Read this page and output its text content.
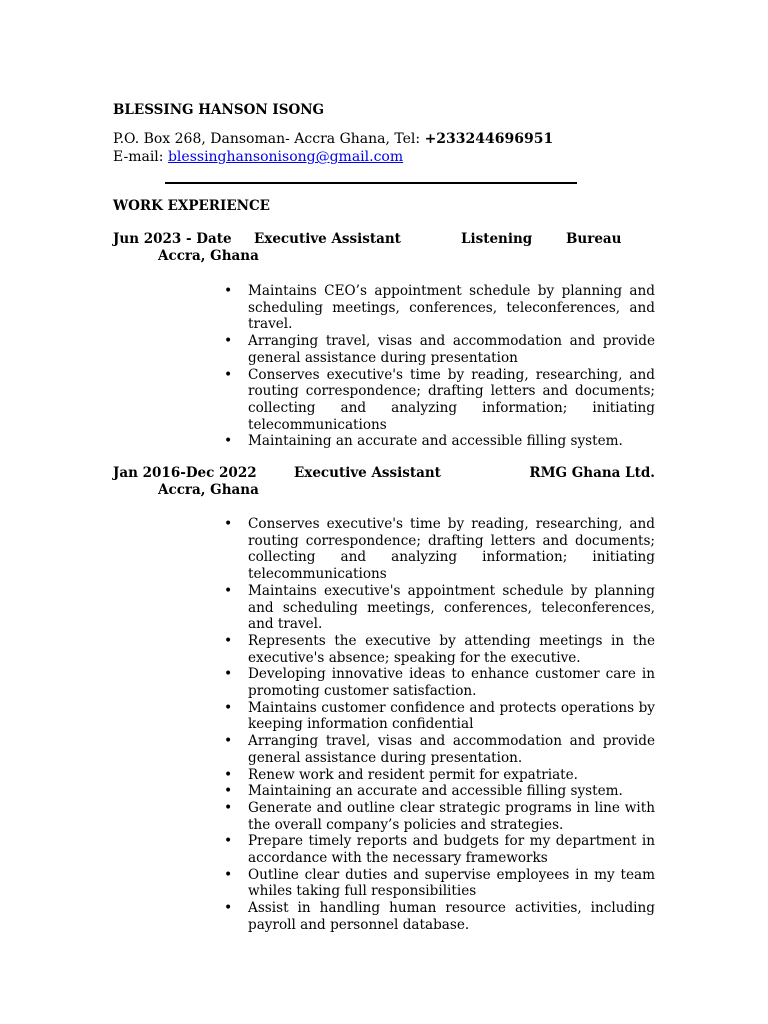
BLESSING HANSON ISONG
P.O. Box 268, Dansoman- Accra Ghana, Tel: +233244696951
E-mail: blessinghansonisong@gmail.com
WORK EXPERIENCE
Jun 2023 - Date Executive Assistant	Listening	Bureau
Accra, Ghana
• Maintains CEO’s appointment schedule by planning and scheduling meetings, conferences, teleconferences, and travel.
• Arranging travel, visas and accommodation and provide general assistance during presentation
• Conserves executive's time by reading, researching, and routing correspondence; drafting letters and documents; collecting and analyzing information; initiating telecommunications
• Maintaining an accurate and accessible filling system.
Jan 2016-Dec 2022	Executive Assistant	RMG Ghana Ltd.
Accra, Ghana
• Conserves executive's time by reading, researching, and routing correspondence; drafting letters and documents; collecting and analyzing information; initiating telecommunications
• Maintains executive's appointment schedule by planning and scheduling meetings, conferences, teleconferences, and travel.
• Represents the executive by attending meetings in the executive's absence; speaking for the executive.
• Developing innovative ideas to enhance customer care in promoting customer satisfaction.
• Maintains customer confidence and protects operations by keeping information confidential
• Arranging travel, visas and accommodation and provide general assistance during presentation.
• Renew work and resident permit for expatriate.
• Maintaining an accurate and accessible filling system.
• Generate and outline clear strategic programs in line with the overall company’s policies and strategies.
• Prepare timely reports and budgets for my department in accordance with the necessary frameworks
• Outline clear duties and supervise employees in my team whiles taking full responsibilities
• Assist in handling human resource activities, including payroll and personnel database.
